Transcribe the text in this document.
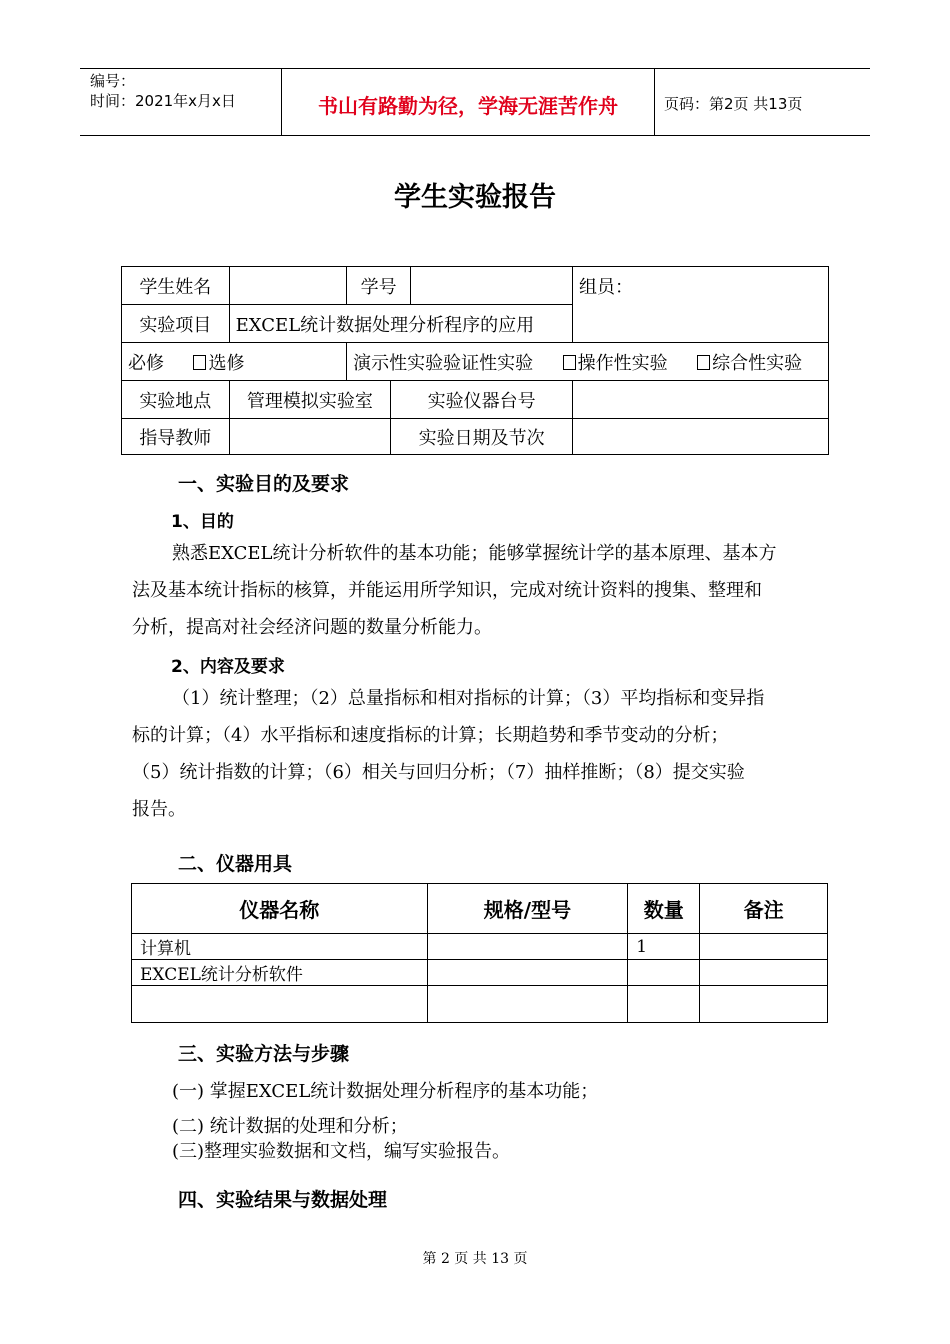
编号：
时间：2021年x月x日	书山有路勤为径，学海无涯苦作舟	页码：第2页 共13页
学生实验报告
学生姓名		学号			组员：
实验项目	EXCEL统计数据处理分析程序的应用				
必修 选修		演示性实验验证性实验 操作性实验 综合性实验			
实验地点	管理模拟实验室		实验仪器台号		
指导教师			实验日期及节次		
一、实验目的及要求
1、目的
熟悉EXCEL统计分析软件的基本功能；能够掌握统计学的基本原理、基本方
法及基本统计指标的核算，并能运用所学知识，完成对统计资料的搜集、整理和
分析，提高对社会经济问题的数量分析能力。
2、内容及要求
（1）统计整理；（2）总量指标和相对指标的计算；（3）平均指标和变异指
标的计算；（4）水平指标和速度指标的计算；长期趋势和季节变动的分析；
（5）统计指数的计算；（6）相关与回归分析；（7）抽样推断；（8）提交实验
报告。
二、仪器用具
仪器名称	规格/型号	数量	备注
计算机		1	
EXCEL统计分析软件			

三、实验方法与步骤
(一) 掌握EXCEL统计数据处理分析程序的基本功能；
(二) 统计数据的处理和分析；
(三)整理实验数据和文档，编写实验报告。
四、实验结果与数据处理
第 2 页 共 13 页
